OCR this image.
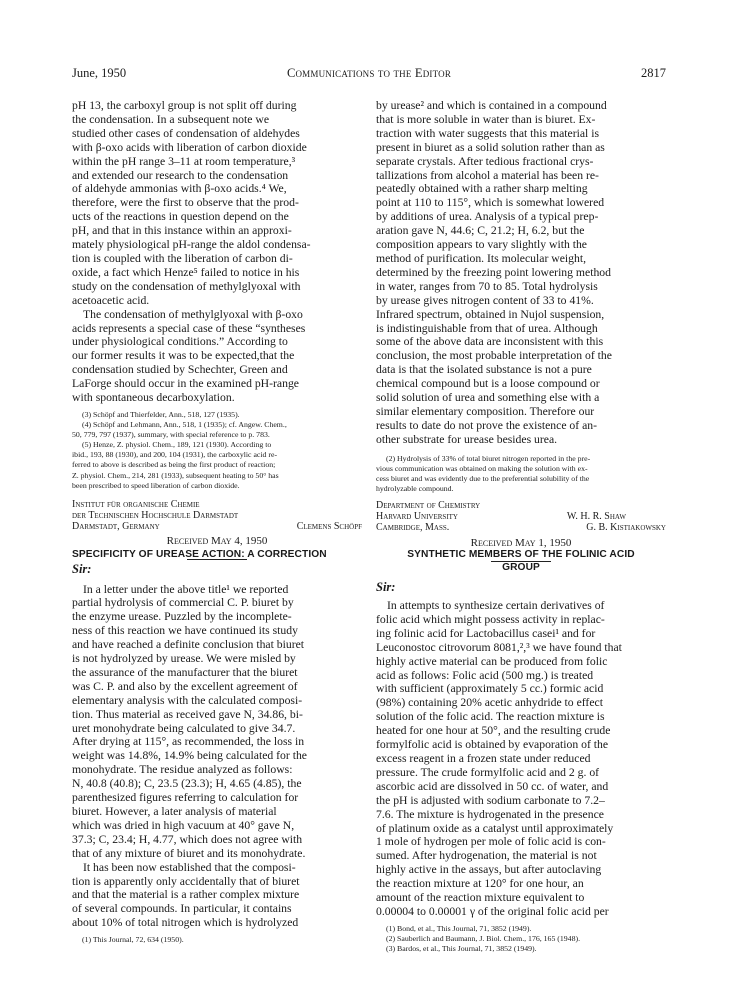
June, 1950	Communications to the Editor	2817

pH 13, the carboxyl group is not split off during

the condensation. In a subsequent note we

studied other cases of condensation of aldehydes

with β-oxo acids with liberation of carbon dioxide

within the pH range 3–11 at room temperature,³

and extended our research to the condensation

of aldehyde ammonias with β-oxo acids.⁴ We,

therefore, were the first to observe that the prod-

ucts of the reactions in question depend on the

pH, and that in this instance within an approxi-

mately physiological pH-range the aldol condensa-

tion is coupled with the liberation of carbon di-

oxide, a fact which Henze⁵ failed to notice in his

study on the condensation of methylglyoxal with

acetoacetic acid.

The condensation of methylglyoxal with β-oxo

acids represents a special case of these “syntheses

under physiological conditions.” According to

our former results it was to be expected,that the

condensation studied by Schechter, Green and

LaForge should occur in the examined pH-range

with spontaneous decarboxylation.

(3) Schöpf and Thierfelder, Ann., 518, 127 (1935).
(4) Schöpf and Lehmann, Ann., 518, 1 (1935); cf. Angew. Chem.,
50, 779, 797 (1937), summary, with special reference to p. 783.
(5) Henze, Z. physiol. Chem., 189, 121 (1930). According to
ibid., 193, 88 (1930), and 200, 104 (1931), the carboxylic acid re-
ferred to above is described as being the first product of reaction;
Z. physiol. Chem., 214, 281 (1933), subsequent heating to 50° has
been prescribed to speed liberation of carbon dioxide.
Institut für organische Chemie
der Technischen Hochschule Darmstadt
Darmstadt, Germany	Clemens Schöpf
Received May 4, 1950

by urease² and which is contained in a compound

that is more soluble in water than is biuret. Ex-

traction with water suggests that this material is

present in biuret as a solid solution rather than as

separate crystals. After tedious fractional crys-

tallizations from alcohol a material has been re-

peatedly obtained with a rather sharp melting

point at 110 to 115°, which is somewhat lowered

by additions of urea. Analysis of a typical prep-

aration gave N, 44.6; C, 21.2; H, 6.2, but the

composition appears to vary slightly with the

method of purification. Its molecular weight,

determined by the freezing point lowering method

in water, ranges from 70 to 85. Total hydrolysis

by urease gives nitrogen content of 33 to 41%.

Infrared spectrum, obtained in Nujol suspension,

is indistinguishable from that of urea. Although

some of the above data are inconsistent with this

conclusion, the most probable interpretation of the

data is that the isolated substance is not a pure

chemical compound but is a loose compound or

solid solution of urea and something else with a

similar elementary composition. Therefore our

results to date do not prove the existence of an-

other substrate for urease besides urea.

(2) Hydrolysis of 33% of total biuret nitrogen reported in the pre-
vious communication was obtained on making the solution with ex-
cess biuret and was evidently due to the preferential solubility of the
hydrolyzable compound.
Department of Chemistry
Harvard University	W. H. R. Shaw
Cambridge, Mass.	G. B. Kistiakowsky
Received May 1, 1950
SPECIFICITY OF UREASE ACTION: A CORRECTION
Sir:

In a letter under the above title¹ we reported

partial hydrolysis of commercial C. P. biuret by

the enzyme urease. Puzzled by the incomplete-

ness of this reaction we have continued its study

and have reached a definite conclusion that biuret

is not hydrolyzed by urease. We were misled by

the assurance of the manufacturer that the biuret

was C. P. and also by the excellent agreement of

elementary analysis with the calculated composi-

tion. Thus material as received gave N, 34.86, bi-

uret monohydrate being calculated to give 34.7.

After drying at 115°, as recommended, the loss in

weight was 14.8%, 14.9% being calculated for the

monohydrate. The residue analyzed as follows:

N, 40.8 (40.8); C, 23.5 (23.3); H, 4.65 (4.85), the

parenthesized figures referring to calculation for

biuret. However, a later analysis of material

which was dried in high vacuum at 40° gave N,

37.3; C, 23.4; H, 4.77, which does not agree with

that of any mixture of biuret and its monohydrate.

It has been now established that the composi-

tion is apparently only accidentally that of biuret

and that the material is a rather complex mixture

of several compounds. In particular, it contains

about 10% of total nitrogen which is hydrolyzed

(1) This Journal, 72, 634 (1950).
SYNTHETIC MEMBERS OF THE FOLINIC ACID
GROUP
Sir:

In attempts to synthesize certain derivatives of

folic acid which might possess activity in replac-

ing folinic acid for Lactobacillus casei¹ and for

Leuconostoc citrovorum 8081,²,³ we have found that

highly active material can be produced from folic

acid as follows: Folic acid (500 mg.) is treated

with sufficient (approximately 5 cc.) formic acid

(98%) containing 20% acetic anhydride to effect

solution of the folic acid. The reaction mixture is

heated for one hour at 50°, and the resulting crude

formylfolic acid is obtained by evaporation of the

excess reagent in a frozen state under reduced

pressure. The crude formylfolic acid and 2 g. of

ascorbic acid are dissolved in 50 cc. of water, and

the pH is adjusted with sodium carbonate to 7.2–

7.6. The mixture is hydrogenated in the presence

of platinum oxide as a catalyst until approximately

1 mole of hydrogen per mole of folic acid is con-

sumed. After hydrogenation, the material is not

highly active in the assays, but after autoclaving

the reaction mixture at 120° for one hour, an

amount of the reaction mixture equivalent to

0.00004 to 0.00001 γ of the original folic acid per

(1) Bond, et al., This Journal, 71, 3852 (1949).
(2) Sauberlich and Baumann, J. Biol. Chem., 176, 165 (1948).
(3) Bardos, et al., This Journal, 71, 3852 (1949).
